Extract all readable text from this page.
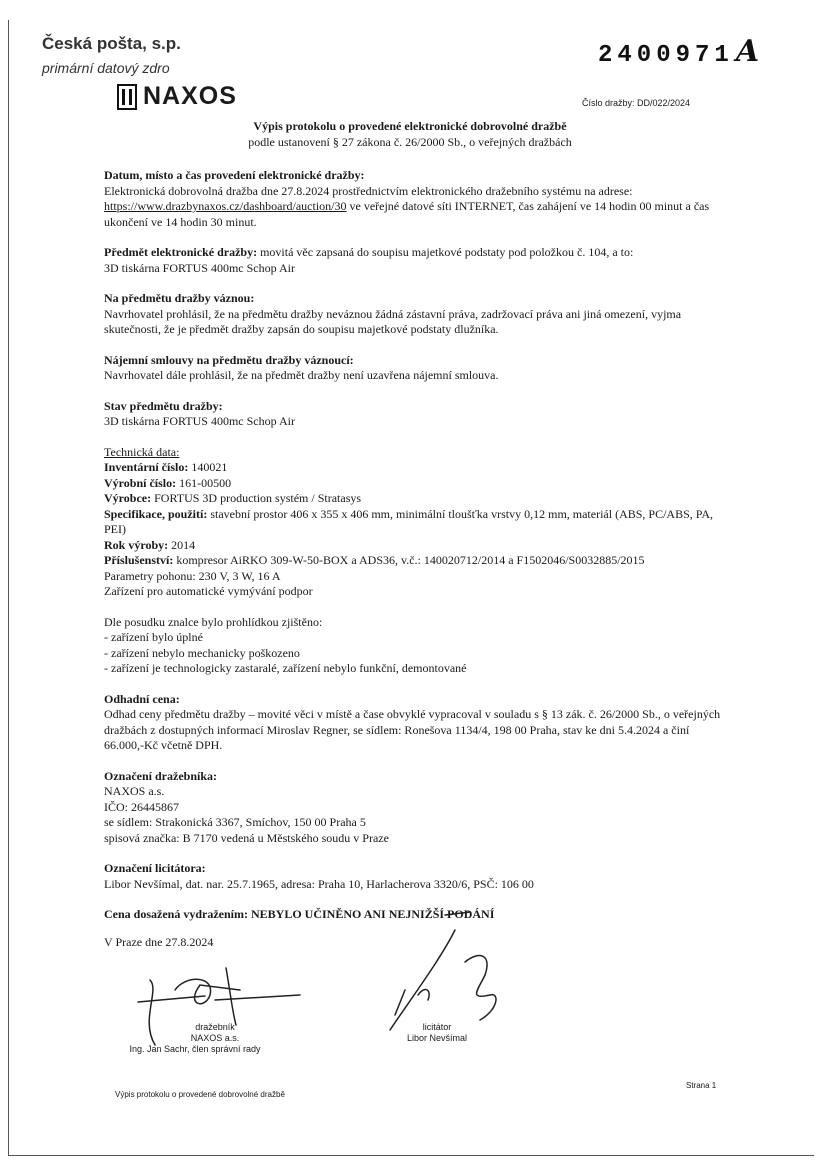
Česká pošta, s.p.
primární datový zdro	2400971A
NAXOS	Číslo dražby: DD/022/2024
Výpis protokolu o provedené elektronické dobrovolné dražbě
podle ustanovení § 27 zákona č. 26/2000 Sb., o veřejných dražbách
Datum, místo a čas provedení elektronické dražby:

Elektronická dobrovolná dražba dne 27.8.2024 prostřednictvím elektronického dražebního systému na adrese: https://www.drazbynaxos.cz/dashboard/auction/30 ve veřejné datové síti INTERNET, čas zahájení ve 14 hodin 00 minut a čas ukončení ve 14 hodin 30 minut.

Předmět elektronické dražby: movitá věc zapsaná do soupisu majetkové podstaty pod položkou č. 104, a to:

3D tiskárna FORTUS 400mc Schop Air

Na předmětu dražby váznou:

Navrhovatel prohlásil, že na předmětu dražby neváznou žádná zástavní práva, zadržovací práva ani jiná omezení, vyjma skutečnosti, že je předmět dražby zapsán do soupisu majetkové podstaty dlužníka.

Nájemní smlouvy na předmětu dražby váznoucí:

Navrhovatel dále prohlásil, že na předmět dražby není uzavřena nájemní smlouva.

Stav předmětu dražby:

3D tiskárna FORTUS 400mc Schop Air

Technická data:

Inventární číslo: 140021

Výrobní číslo: 161-00500

Výrobce: FORTUS 3D production systém / Stratasys

Specifikace, použití: stavební prostor 406 x 355 x 406 mm, minimální tloušťka vrstvy 0,12 mm, materiál (ABS, PC/ABS, PA, PEI)

Rok výroby: 2014

Příslušenství: kompresor AiRKO 309-W-50-BOX a ADS36, v.č.: 140020712/2014 a F1502046/S0032885/2015

Parametry pohonu: 230 V, 3 W, 16 A

Zařízení pro automatické vymývání podpor

Dle posudku znalce bylo prohlídkou zjištěno:

- zařízení bylo úplné
- zařízení nebylo mechanicky poškozeno
- zařízení je technologicky zastaralé, zařízení nebylo funkční, demontované
Odhadní cena:

Odhad ceny předmětu dražby – movité věci v místě a čase obvyklé vypracoval v souladu s § 13 zák. č. 26/2000 Sb., o veřejných dražbách z dostupných informací Miroslav Regner, se sídlem: Ronešova 1134/4, 198 00 Praha, stav ke dni 5.4.2024 a činí 66.000,-Kč včetně DPH.

Označení dražebníka:

NAXOS a.s.

IČO: 26445867

se sídlem: Strakonická 3367, Smíchov, 150 00 Praha 5

spisová značka: B 7170 vedená u Městského soudu v Praze

Označení licitátora:

Libor Nevšímal, dat. nar. 25.7.1965, adresa: Praha 10, Harlacherova 3320/6, PSČ: 106 00

Cena dosažená vydražením: NEBYLO UČINĚNO ANI NEJNIŽŠÍ PODÁNÍ

V Praze dne 27.8.2024

dražebník
NAXOS a.s.
Ing. Jan Sachr, člen správní rady
licitátor
Libor Nevšímal
Výpis protokolu o provedené dobrovolné dražbě
Strana 1
